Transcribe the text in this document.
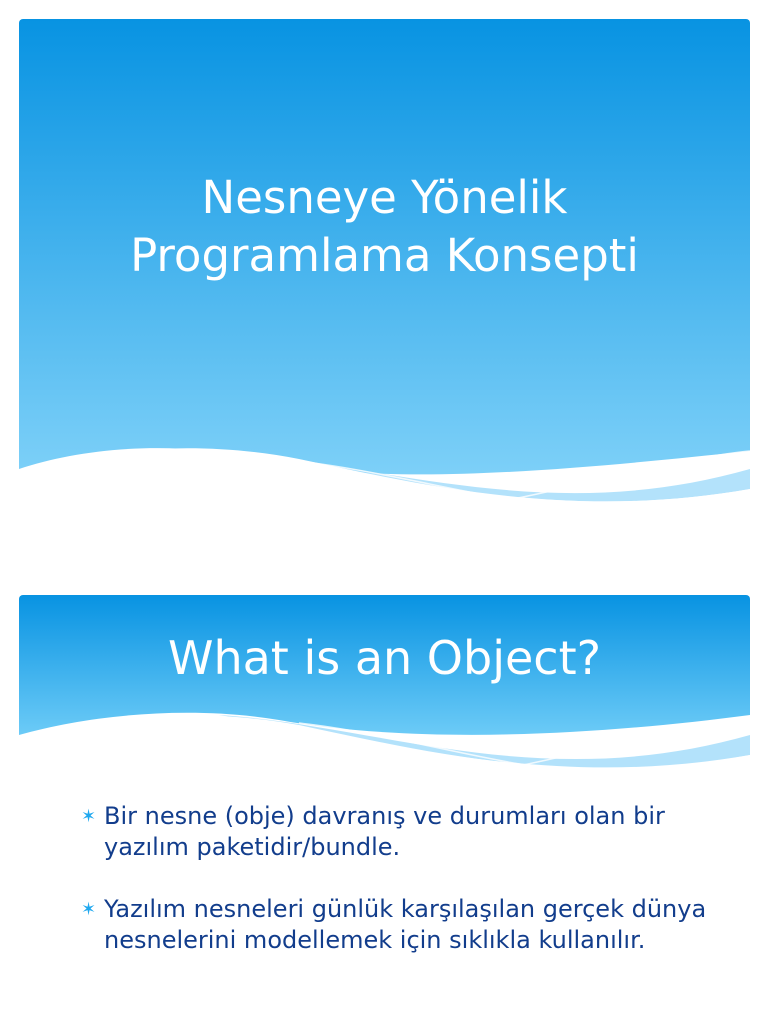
Nesneye Yönelik
Programlama Konsepti
What is an Object?
✶ Bir nesne (obje) davranış ve durumları olan bir yazılım paketidir/bundle.
✶ Yazılım nesneleri günlük karşılaşılan gerçek dünya nesnelerini modellemek için sıklıkla kullanılır.
